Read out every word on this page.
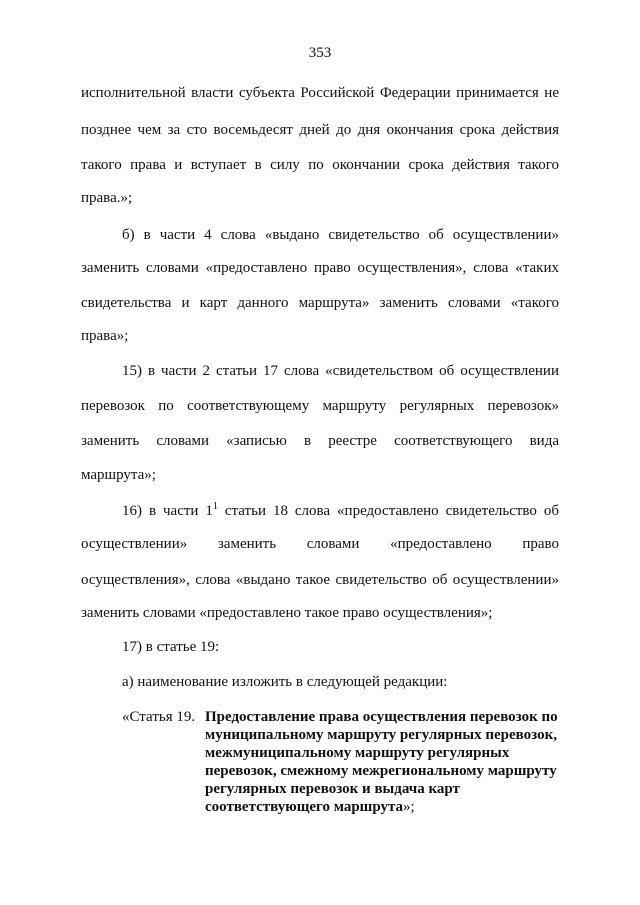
353
исполнительной власти субъекта Российской Федерации принимается не
позднее чем за сто восемьдесят дней до дня окончания срока действия
такого права и вступает в силу по окончании срока действия такого
права.»;
б) в части 4 слова «выдано свидетельство об осуществлении»
заменить словами «предоставлено право осуществления», слова «таких
свидетельства и карт данного маршрута» заменить словами «такого
права»;
15) в части 2 статьи 17 слова «свидетельством об осуществлении
перевозок по соответствующему маршруту регулярных перевозок»
заменить словами «записью в реестре соответствующего вида
маршрута»;
16) в части $1^1$ статьи 18 слова «предоставлено свидетельство об
осуществлении» заменить словами «предоставлено право
осуществления», слова «выдано такое свидетельство об осуществлении»
заменить словами «предоставлено такое право осуществления»;
17) в статье 19:
а) наименование изложить в следующей редакции:
«Статья 19. Предоставление права осуществления перевозок по
муниципальному маршруту регулярных перевозок,
межмуниципальному маршруту регулярных
перевозок, смежному межрегиональному маршруту
регулярных перевозок и выдача карт
соответствующего маршрута»;
